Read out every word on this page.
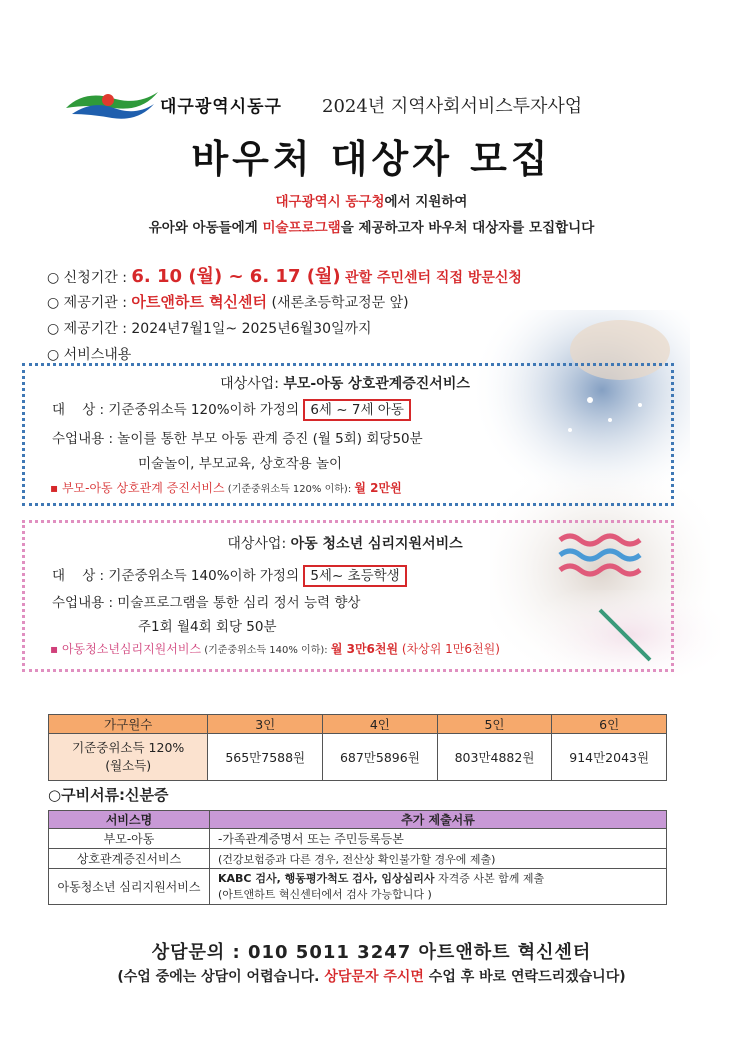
대구광역시동구 2024년 지역사회서비스투자사업
바우처 대상자 모집
대구광역시 동구청에서 지원하여
유아와 아동들에게 미술프로그램을 제공하고자 바우처 대상자를 모집합니다
○ 신청기간 : 6. 10 (월) ~ 6. 17 (월) 관할 주민센터 직접 방문신청
○ 제공기관 : 아트앤하트 혁신센터 (새론초등학교정문 앞)
○ 제공기간 : 2024년7월1일~ 2025년6월30일까지
○ 서비스내용
대상사업: 부모-아동 상호관계증진서비스
대    상 : 기준중위소득 120%이하 가정의 6세 ~ 7세 아동
수업내용 : 놀이를 통한 부모 아동 관계 증진 (월 5회) 회당50분
미술놀이, 부모교육, 상호작용 놀이
▪ 부모-아동 상호관계 증진서비스 (기준중위소득 120% 이하): 월 2만원
대상사업: 아동 청소년 심리지원서비스
대    상 : 기준중위소득 140%이하 가정의 5세~ 초등학생
수업내용 : 미술프로그램을 통한 심리 정서 능력 향상
주1회 월4회 회당 50분
▪ 아동청소년심리지원서비스 (기준중위소득 140% 이하): 월 3만6천원 (차상위 1만6천원)
가구원수	3인	4인	5인	6인
기준중위소득 120%
(월소득)	565만7588원	687만5896원	803만4882원	914만2043원
○구비서류:신분증
서비스명	추가 제출서류
부모-아동	-가족관계증명서 또는 주민등록등본
상호관계증진서비스	(건강보험증과 다른 경우, 전산상 확인불가할 경우에 제출)
아동청소년 심리지원서비스	KABC 검사, 행동평가척도 검사, 임상심리사 자격증 사본 함께 제출
(아트앤하트 혁신센터에서 검사 가능합니다 )
상담문의 : 010 5011 3247 아트앤하트 혁신센터
(수업 중에는 상담이 어렵습니다. 상담문자 주시면 수업 후 바로 연락드리겠습니다)
